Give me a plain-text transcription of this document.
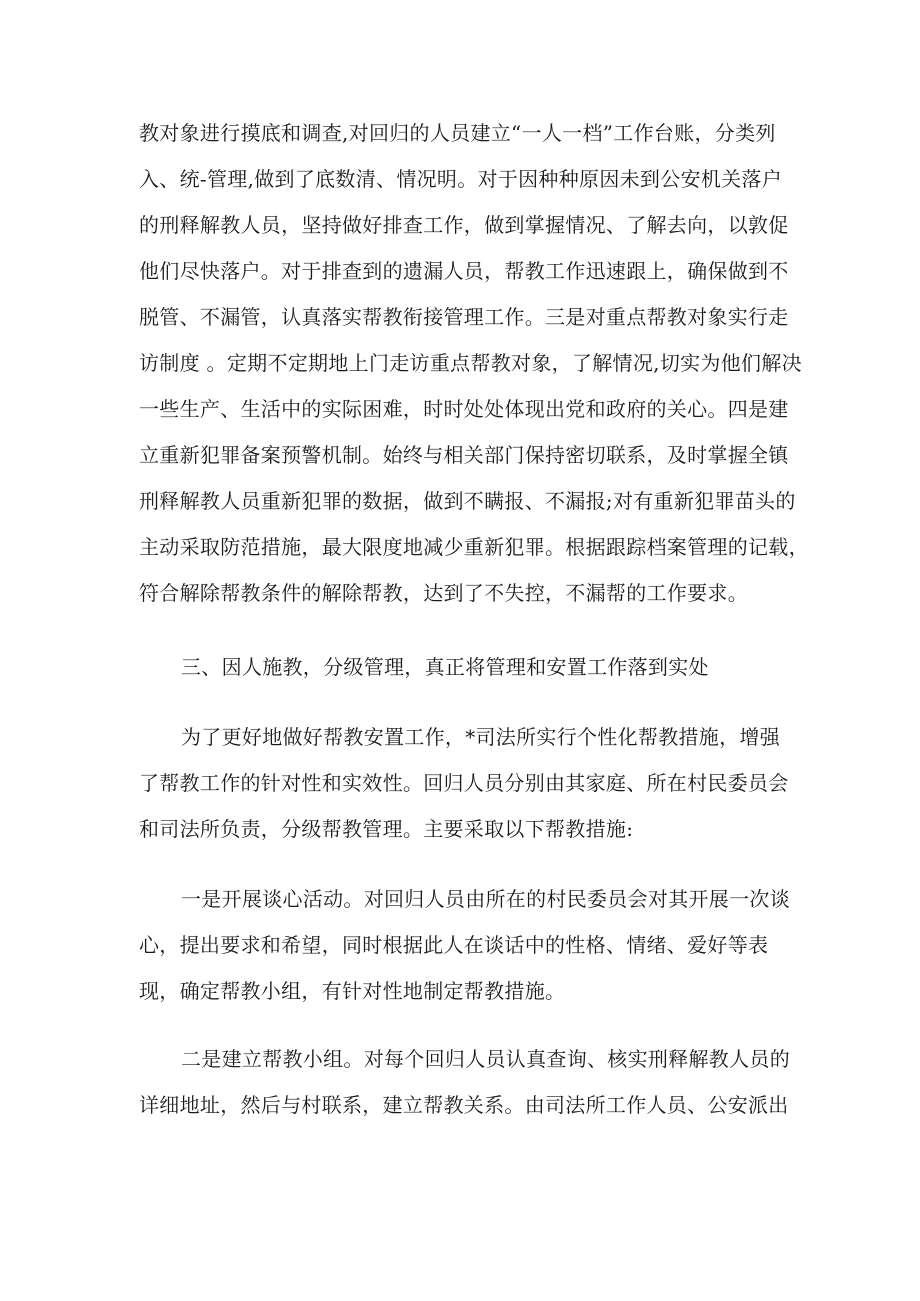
教对象进行摸底和调查,对回归的人员建立“一人一档”工作台账，分类列

入、统-管理,做到了底数清、情况明。对于因种种原因未到公安机关落户

的刑释解教人员，坚持做好排查工作，做到掌握情况、了解去向，以敦促

他们尽快落户。对于排查到的遗漏人员，帮教工作迅速跟上，确保做到不

脱管、不漏管，认真落实帮教衔接管理工作。三是对重点帮教对象实行走

访制度 。定期不定期地上门走访重点帮教对象，了解情况,切实为他们解决

一些生产、生活中的实际困难，时时处处体现出党和政府的关心。四是建

立重新犯罪备案预警机制。始终与相关部门保持密切联系，及时掌握全镇

刑释解教人员重新犯罪的数据，做到不瞒报、不漏报;对有重新犯罪苗头的

主动采取防范措施，最大限度地减少重新犯罪。根据跟踪档案管理的记载，

符合解除帮教条件的解除帮教，达到了不失控，不漏帮的工作要求。

三、因人施教，分级管理，真正将管理和安置工作落到实处

为了更好地做好帮教安置工作，*司法所实行个性化帮教措施，增强

了帮教工作的针对性和实效性。回归人员分别由其家庭、所在村民委员会

和司法所负责，分级帮教管理。主要采取以下帮教措施:

一是开展谈心活动。对回归人员由所在的村民委员会对其开展一次谈

心，提出要求和希望，同时根据此人在谈话中的性格、情绪、爱好等表

现，确定帮教小组，有针对性地制定帮教措施。

二是建立帮教小组。对每个回归人员认真查询、核实刑释解教人员的

详细地址，然后与村联系，建立帮教关系。由司法所工作人员、公安派出
